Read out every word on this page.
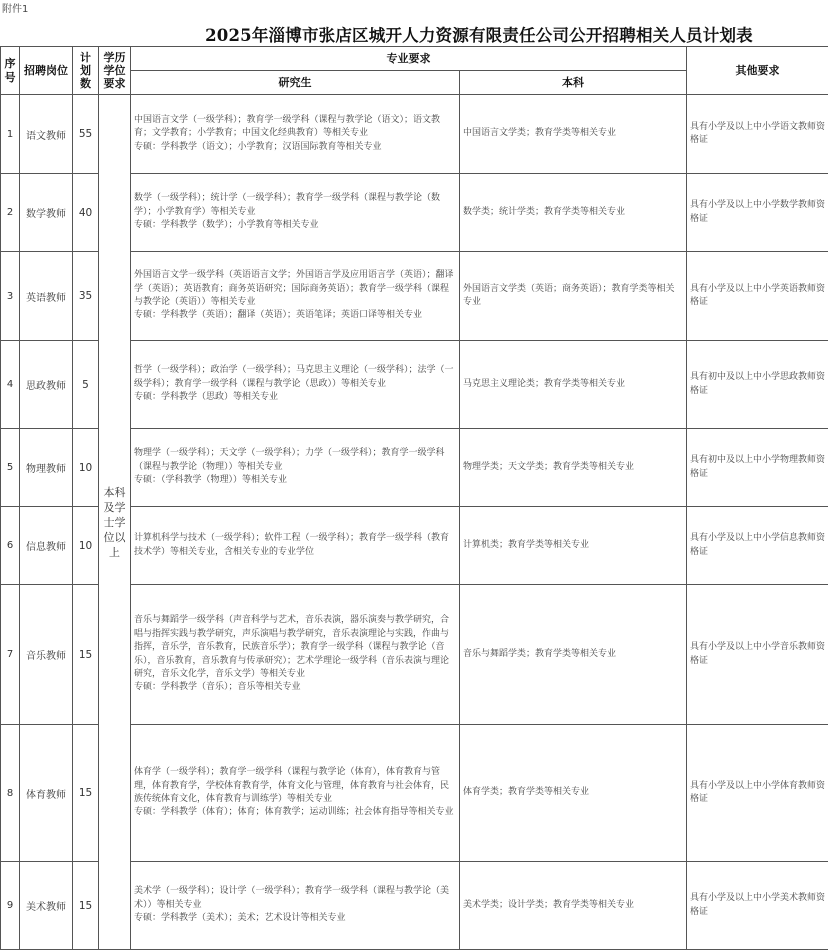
附件1
2025年淄博市张店区城开人力资源有限责任公司公开招聘相关人员计划表
序号	招聘岗位	计划数	学历学位要求	专业要求		其他要求
				研究生	本科	
1	语文教师	55	本科及学士学位以上	中国语言文学（一级学科）；教育学一级学科（课程与教学论（语文）；语文教育；文学教育；小学教育；中国文化经典教育）等相关专业
专硕：学科教学（语文）；小学教育；汉语国际教育等相关专业	中国语言文学类；教育学类等相关专业	具有小学及以上中小学语文教师资格证
2	数学教师	40		数学（一级学科）；统计学（一级学科）；教育学一级学科（课程与教学论（数学）；小学教育学）等相关专业
专硕：学科教学（数学）；小学教育等相关专业	数学类；统计学类；教育学类等相关专业	具有小学及以上中小学数学教师资格证
3	英语教师	35		外国语言文学一级学科（英语语言文学；外国语言学及应用语言学（英语）；翻译学（英语）；英语教育；商务英语研究；国际商务英语）；教育学一级学科（课程与教学论（英语））等相关专业
专硕：学科教学（英语）；翻译（英语）；英语笔译；英语口译等相关专业	外国语言文学类（英语；商务英语）；教育学类等相关专业	具有小学及以上中小学英语教师资格证
4	思政教师	5		哲学（一级学科）；政治学（一级学科）；马克思主义理论（一级学科）；法学（一级学科）；教育学一级学科（课程与教学论（思政））等相关专业
专硕：学科教学（思政）等相关专业	马克思主义理论类；教育学类等相关专业	具有初中及以上中小学思政教师资格证
5	物理教师	10		物理学（一级学科）；天文学（一级学科）；力学（一级学科）；教育学一级学科（课程与教学论（物理））等相关专业
专硕：（学科教学（物理））等相关专业	物理学类；天文学类；教育学类等相关专业	具有初中及以上中小学物理教师资格证
6	信息教师	10		计算机科学与技术（一级学科）；软件工程（一级学科）；教育学一级学科（教育技术学）等相关专业，含相关专业的专业学位	计算机类；教育学类等相关专业	具有小学及以上中小学信息教师资格证
7	音乐教师	15		音乐与舞蹈学一级学科（声音科学与艺术，音乐表演，器乐演奏与教学研究，合唱与指挥实践与教学研究，声乐演唱与教学研究，音乐表演理论与实践，作曲与指挥，音乐学，音乐教育，民族音乐学）；教育学一级学科（课程与教学论（音乐），音乐教育，音乐教育与传承研究）；艺术学理论一级学科（音乐表演与理论研究，音乐文化学，音乐文学）等相关专业
专硕：学科教学（音乐）；音乐等相关专业	音乐与舞蹈学类；教育学类等相关专业	具有小学及以上中小学音乐教师资格证
8	体育教师	15		体育学（一级学科）；教育学一级学科（课程与教学论（体育），体育教育与管理，体育教育学，学校体育教育学，体育文化与管理，体育教育与社会体育，民族传统体育文化，体育教育与训练学）等相关专业
专硕：学科教学（体育）；体育；体育教学；运动训练；社会体育指导等相关专业	体育学类；教育学类等相关专业	具有小学及以上中小学体育教师资格证
9	美术教师	15		美术学（一级学科）；设计学（一级学科）；教育学一级学科（课程与教学论（美术））等相关专业
专硕：学科教学（美术）；美术；艺术设计等相关专业	美术学类；设计学类；教育学类等相关专业	具有小学及以上中小学美术教师资格证
